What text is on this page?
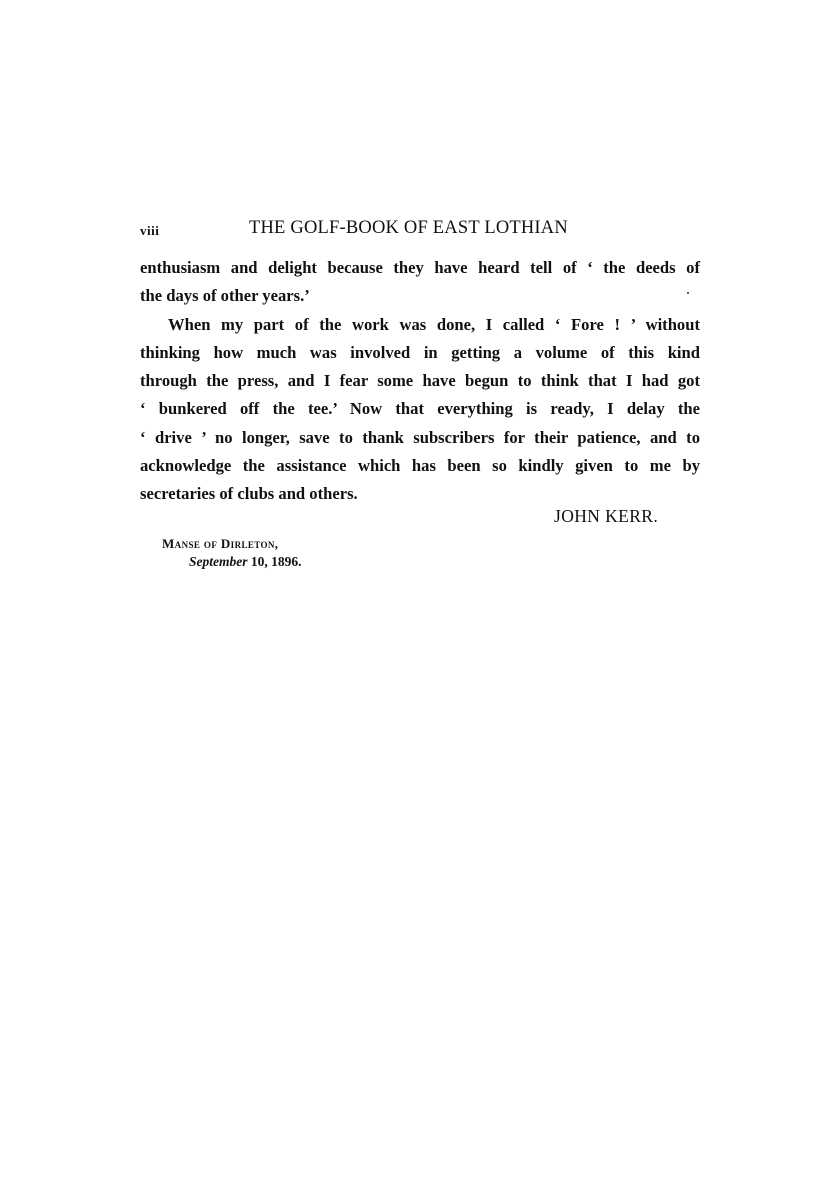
viii	THE GOLF-BOOK OF EAST LOTHIAN
enthusiasm and delight because they have heard tell of ‘ the deeds of
the days of other years.’
When my part of the work was done, I called ‘ Fore ! ’ without
thinking how much was involved in getting a volume of this kind
through the press, and I fear some have begun to think that I had got
‘ bunkered off the tee.’ Now that everything is ready, I delay the
‘ drive ’ no longer, save to thank subscribers for their patience, and to
acknowledge the assistance which has been so kindly given to me by
secretaries of clubs and others.
JOHN KERR.
Manse of Dirleton,
September 10, 1896.
